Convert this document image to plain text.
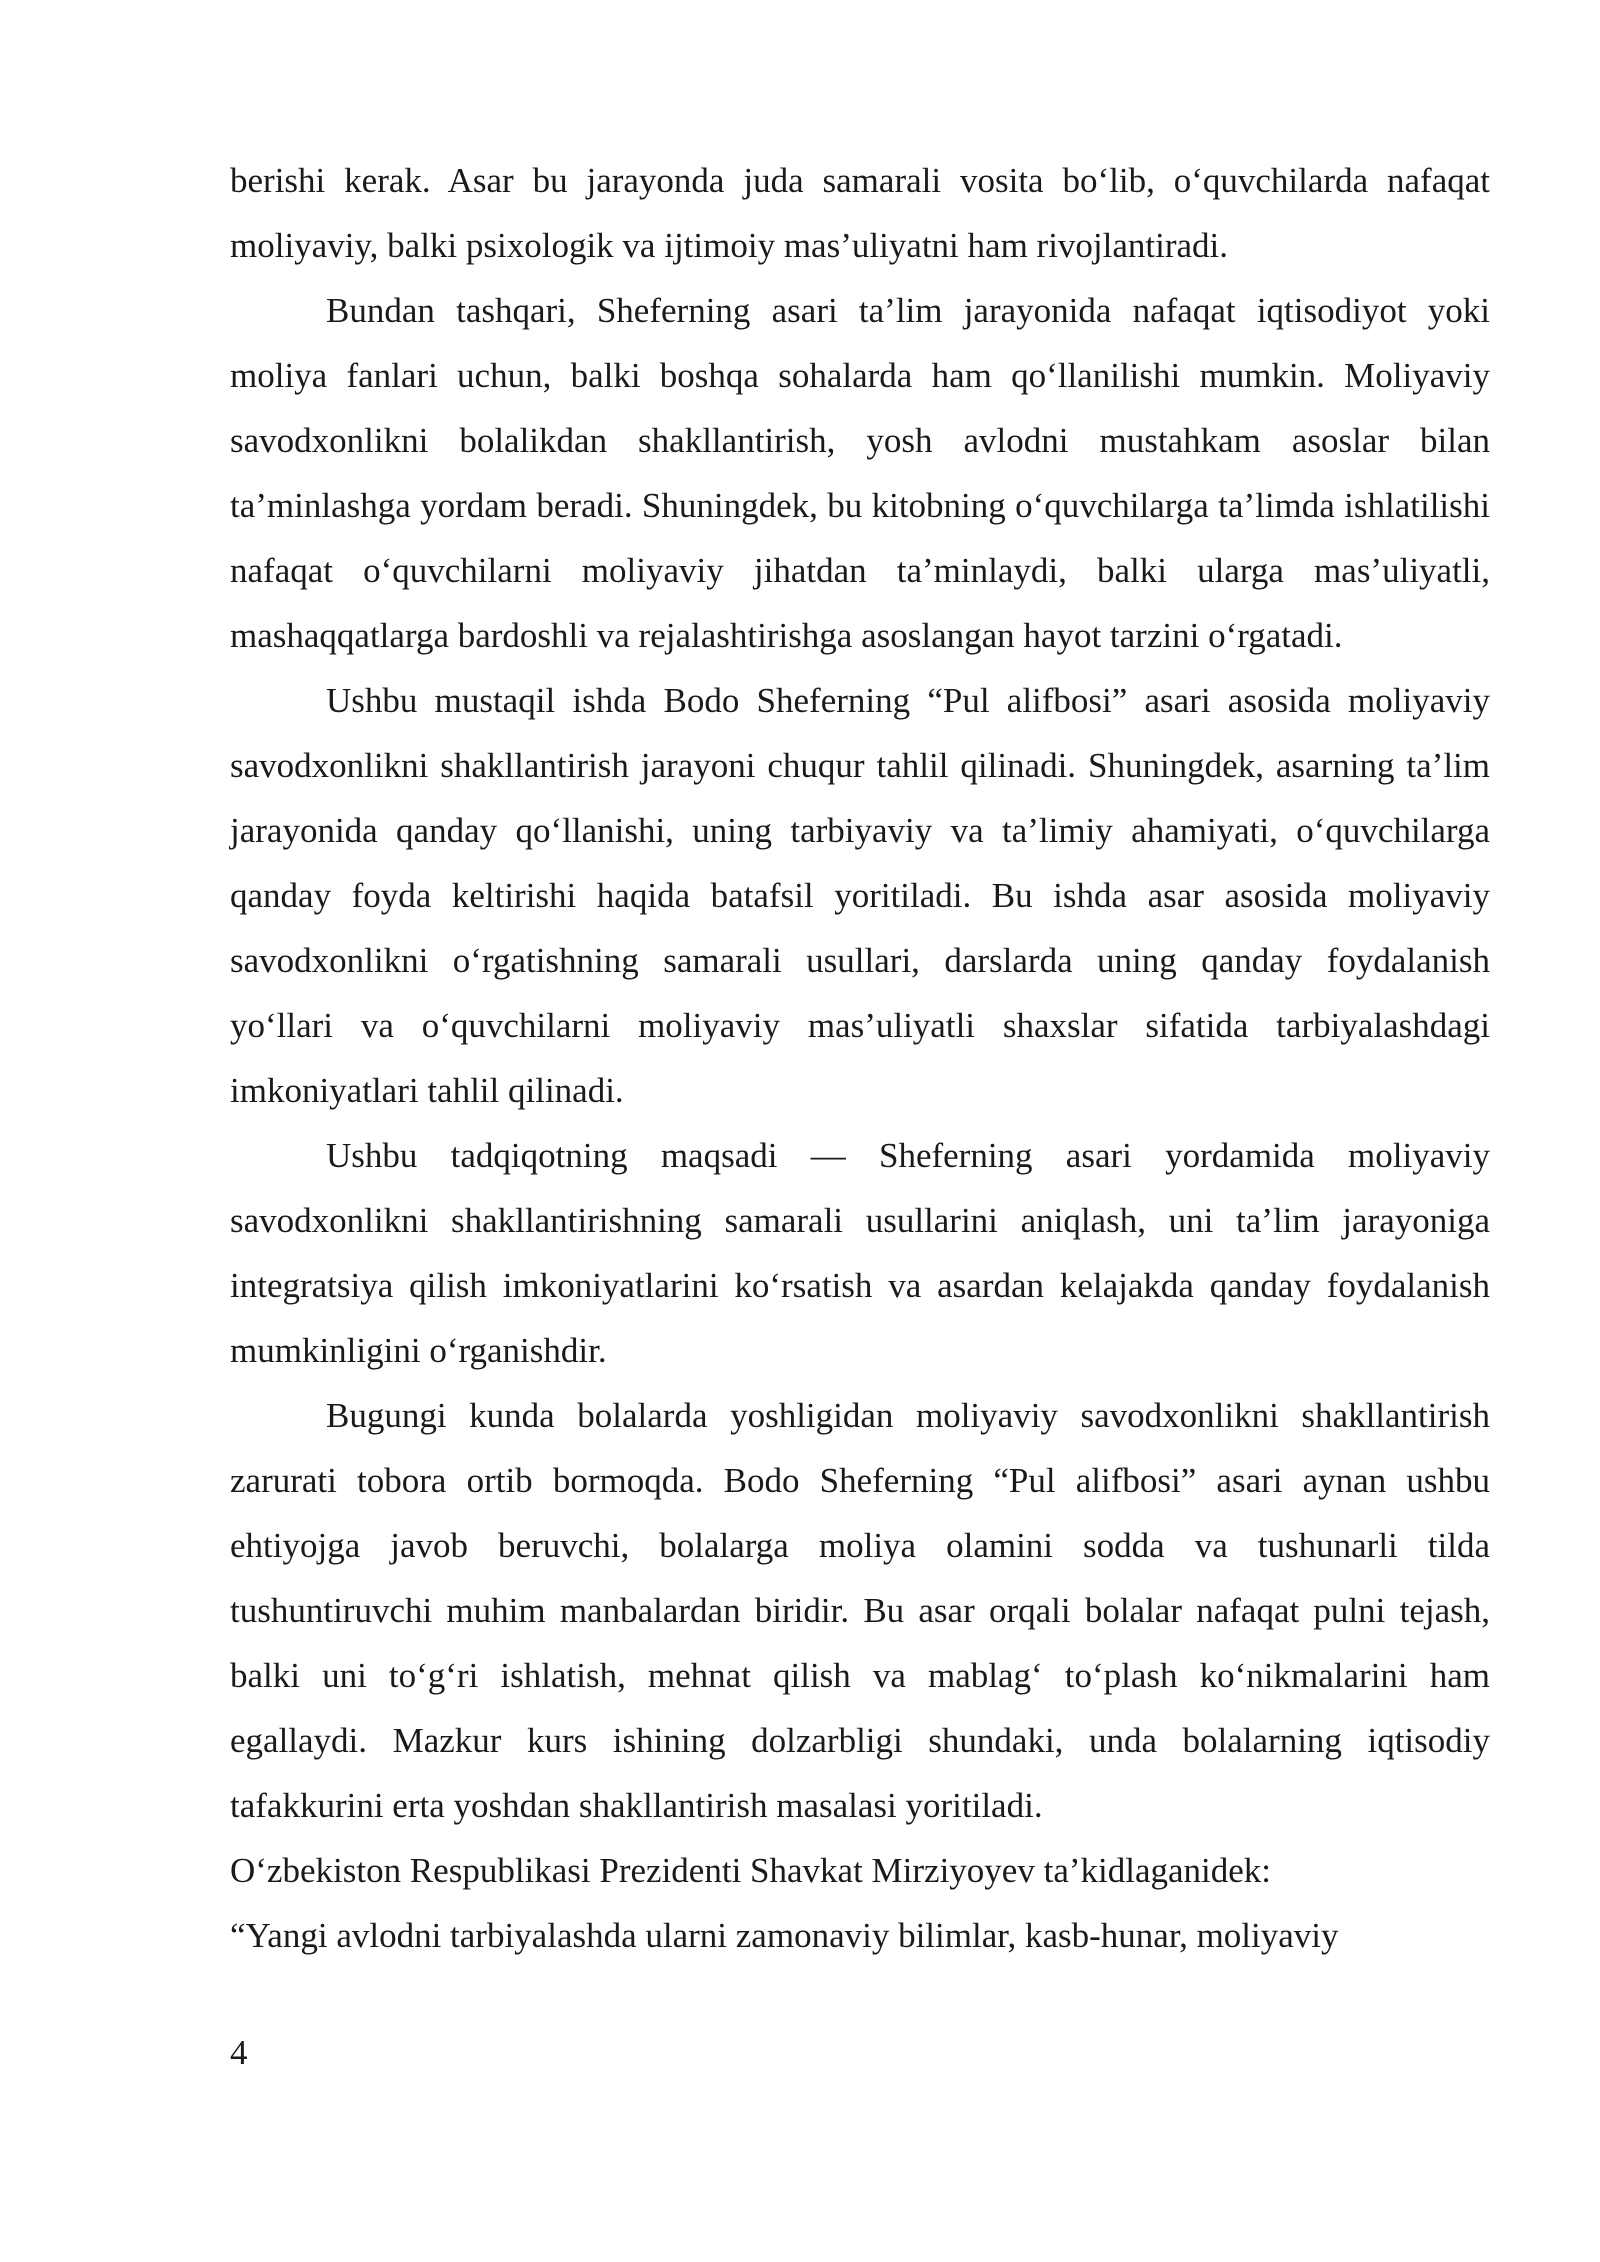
berishi kerak. Asar bu jarayonda juda samarali vosita bo‘lib, o‘quvchilarda nafaqat moliyaviy, balki psixologik va ijtimoiy mas’uliyatni ham rivojlantiradi.

Bundan tashqari, Sheferning asari ta’lim jarayonida nafaqat iqtisodiyot yoki moliya fanlari uchun, balki boshqa sohalarda ham qo‘llanilishi mumkin. Moliyaviy savodxonlikni bolalikdan shakllantirish, yosh avlodni mustahkam asoslar bilan ta’minlashga yordam beradi. Shuningdek, bu kitobning o‘quvchilarga ta’limda ishlatilishi nafaqat o‘quvchilarni moliyaviy jihatdan ta’minlaydi, balki ularga mas’uliyatli, mashaqqatlarga bardoshli va rejalashtirishga asoslangan hayot tarzini o‘rgatadi.

Ushbu mustaqil ishda Bodo Sheferning “Pul alifbosi” asari asosida moliyaviy savodxonlikni shakllantirish jarayoni chuqur tahlil qilinadi. Shuningdek, asarning ta’lim jarayonida qanday qo‘llanishi, uning tarbiyaviy va ta’limiy ahamiyati, o‘quvchilarga qanday foyda keltirishi haqida batafsil yoritiladi. Bu ishda asar asosida moliyaviy savodxonlikni o‘rgatishning samarali usullari, darslarda uning qanday foydalanish yo‘llari va o‘quvchilarni moliyaviy mas’uliyatli shaxslar sifatida tarbiyalashdagi imkoniyatlari tahlil qilinadi.

Ushbu tadqiqotning maqsadi — Sheferning asari yordamida moliyaviy savodxonlikni shakllantirishning samarali usullarini aniqlash, uni ta’lim jarayoniga integratsiya qilish imkoniyatlarini ko‘rsatish va asardan kelajakda qanday foydalanish mumkinligini o‘rganishdir.

Bugungi kunda bolalarda yoshligidan moliyaviy savodxonlikni shakllantirish zarurati tobora ortib bormoqda. Bodo Sheferning “Pul alifbosi” asari aynan ushbu ehtiyojga javob beruvchi, bolalarga moliya olamini sodda va tushunarli tilda tushuntiruvchi muhim manbalardan biridir. Bu asar orqali bolalar nafaqat pulni tejash, balki uni to‘g‘ri ishlatish, mehnat qilish va mablag‘ to‘plash ko‘nikmalarini ham egallaydi. Mazkur kurs ishining dolzarbligi shundaki, unda bolalarning iqtisodiy tafakkurini erta yoshdan shakllantirish masalasi yoritiladi.

O‘zbekiston Respublikasi Prezidenti Shavkat Mirziyoyev ta’kidlaganidek:

“Yangi avlodni tarbiyalashda ularni zamonaviy bilimlar, kasb-hunar, moliyaviy

4
